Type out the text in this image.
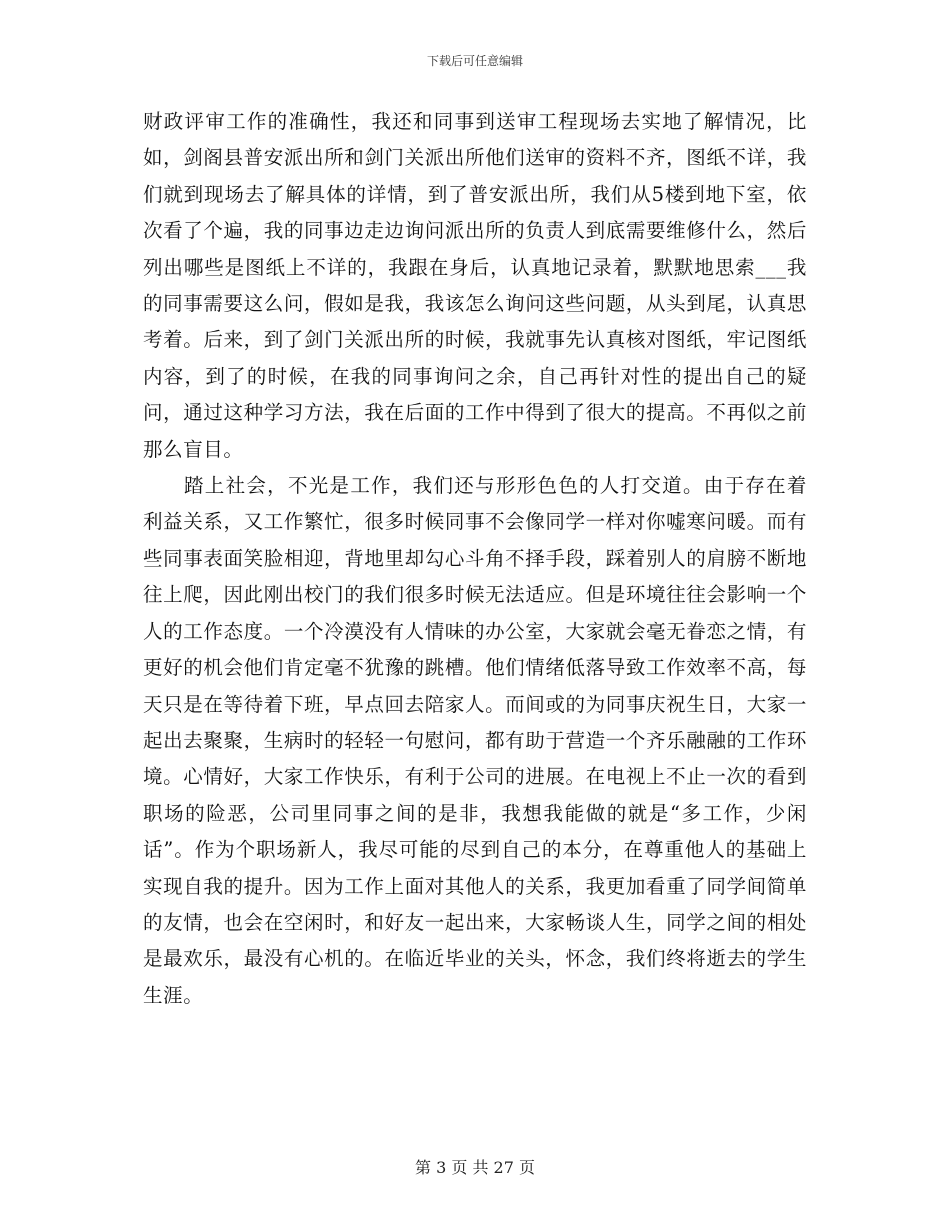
下载后可任意编辑

财政评审工作的准确性，我还和同事到送审工程现场去实地了解情况，比如，剑阁县普安派出所和剑门关派出所他们送审的资料不齐，图纸不详，我们就到现场去了解具体的详情，到了普安派出所，我们从5楼到地下室，依次看了个遍，我的同事边走边询问派出所的负责人到底需要维修什么，然后列出哪些是图纸上不详的，我跟在身后，认真地记录着，默默地思索___我的同事需要这么问，假如是我，我该怎么询问这些问题，从头到尾，认真思考着。后来，到了剑门关派出所的时候，我就事先认真核对图纸，牢记图纸内容，到了的时候，在我的同事询问之余，自己再针对性的提出自己的疑问，通过这种学习方法，我在后面的工作中得到了很大的提高。不再似之前那么盲目。

踏上社会，不光是工作，我们还与形形色色的人打交道。由于存在着利益关系，又工作繁忙，很多时候同事不会像同学一样对你嘘寒问暖。而有些同事表面笑脸相迎，背地里却勾心斗角不择手段，踩着别人的肩膀不断地往上爬，因此刚出校门的我们很多时候无法适应。但是环境往往会影响一个人的工作态度。一个冷漠没有人情味的办公室，大家就会毫无眷恋之情，有更好的机会他们肯定毫不犹豫的跳槽。他们情绪低落导致工作效率不高，每天只是在等待着下班，早点回去陪家人。而间或的为同事庆祝生日，大家一起出去聚聚，生病时的轻轻一句慰问，都有助于营造一个齐乐融融的工作环境。心情好，大家工作快乐，有利于公司的进展。在电视上不止一次的看到职场的险恶，公司里同事之间的是非，我想我能做的就是“多工作，少闲话”。作为个职场新人，我尽可能的尽到自己的本分，在尊重他人的基础上实现自我的提升。因为工作上面对其他人的关系，我更加看重了同学间简单的友情，也会在空闲时，和好友一起出来，大家畅谈人生，同学之间的相处是最欢乐，最没有心机的。在临近毕业的关头，怀念，我们终将逝去的学生生涯。

第 3 页 共 27 页
